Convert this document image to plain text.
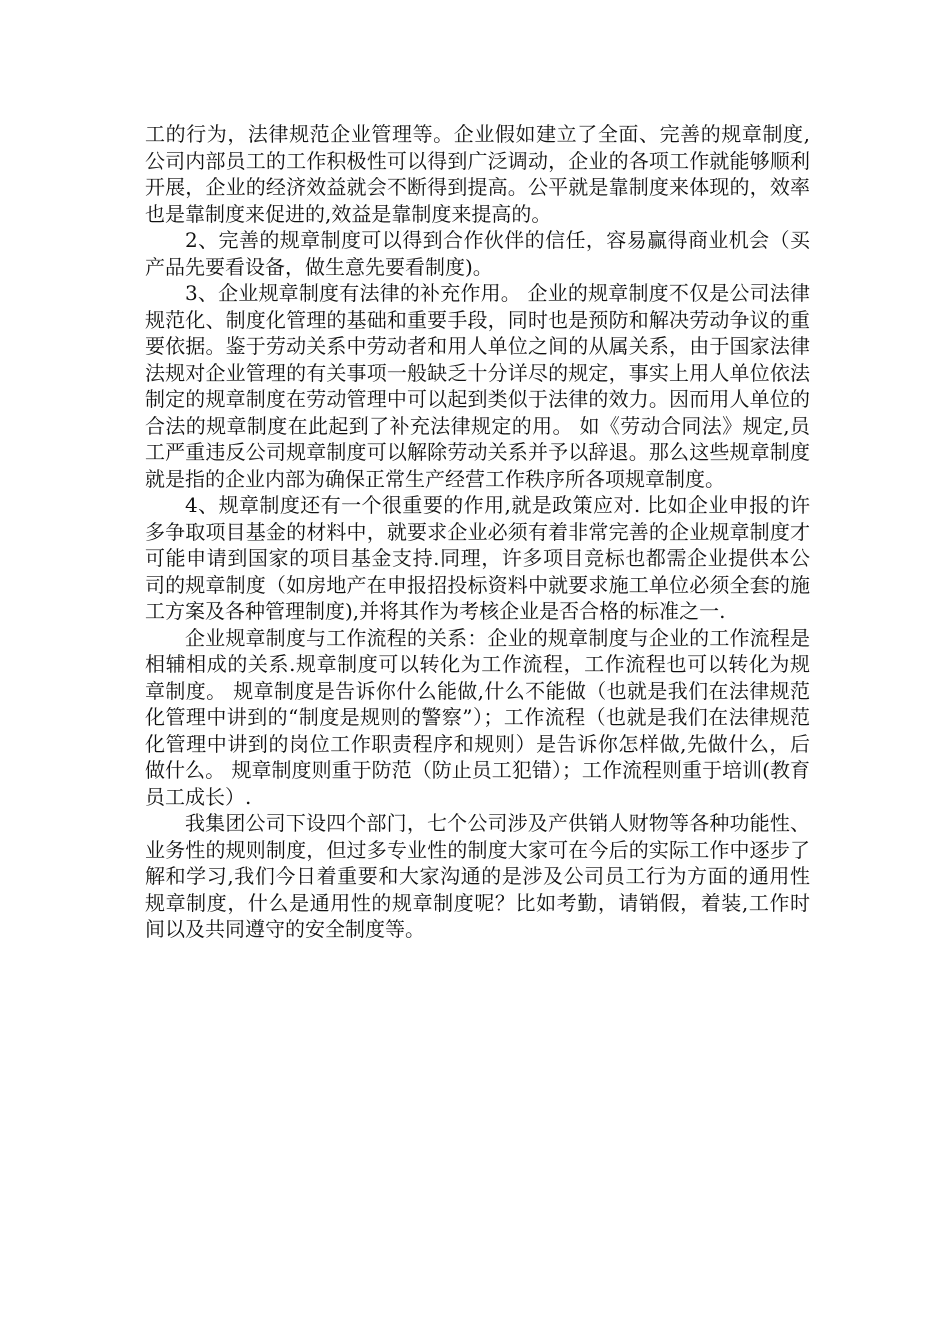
工的行为，法律规范企业管理等。企业假如建立了全面、完善的规章制度,公司内部员工的工作积极性可以得到广泛调动，企业的各项工作就能够顺利开展，企业的经济效益就会不断得到提高。公平就是靠制度来体现的，效率也是靠制度来促进的,效益是靠制度来提高的。

2、完善的规章制度可以得到合作伙伴的信任，容易赢得商业机会（买产品先要看设备，做生意先要看制度)。

3、企业规章制度有法律的补充作用。 企业的规章制度不仅是公司法律规范化、制度化管理的基础和重要手段，同时也是预防和解决劳动争议的重要依据。鉴于劳动关系中劳动者和用人单位之间的从属关系，由于国家法律法规对企业管理的有关事项一般缺乏十分详尽的规定，事实上用人单位依法制定的规章制度在劳动管理中可以起到类似于法律的效力。因而用人单位的合法的规章制度在此起到了补充法律规定的用。 如《劳动合同法》规定,员工严重违反公司规章制度可以解除劳动关系并予以辞退。那么这些规章制度就是指的企业内部为确保正常生产经营工作秩序所各项规章制度。

4、规章制度还有一个很重要的作用,就是政策应对. 比如企业申报的许多争取项目基金的材料中，就要求企业必须有着非常完善的企业规章制度才可能申请到国家的项目基金支持.同理，许多项目竞标也都需企业提供本公司的规章制度（如房地产在申报招投标资料中就要求施工单位必须全套的施工方案及各种管理制度),并将其作为考核企业是否合格的标准之一.

企业规章制度与工作流程的关系：企业的规章制度与企业的工作流程是相辅相成的关系.规章制度可以转化为工作流程，工作流程也可以转化为规章制度。 规章制度是告诉你什么能做,什么不能做（也就是我们在法律规范化管理中讲到的“制度是规则的警察”）；工作流程（也就是我们在法律规范化管理中讲到的岗位工作职责程序和规则）是告诉你怎样做,先做什么，后做什么。 规章制度则重于防范（防止员工犯错）；工作流程则重于培训(教育员工成长）.

我集团公司下设四个部门，七个公司涉及产供销人财物等各种功能性、业务性的规则制度，但过多专业性的制度大家可在今后的实际工作中逐步了解和学习,我们今日着重要和大家沟通的是涉及公司员工行为方面的通用性规章制度，什么是通用性的规章制度呢？比如考勤，请销假，着装,工作时间以及共同遵守的安全制度等。
